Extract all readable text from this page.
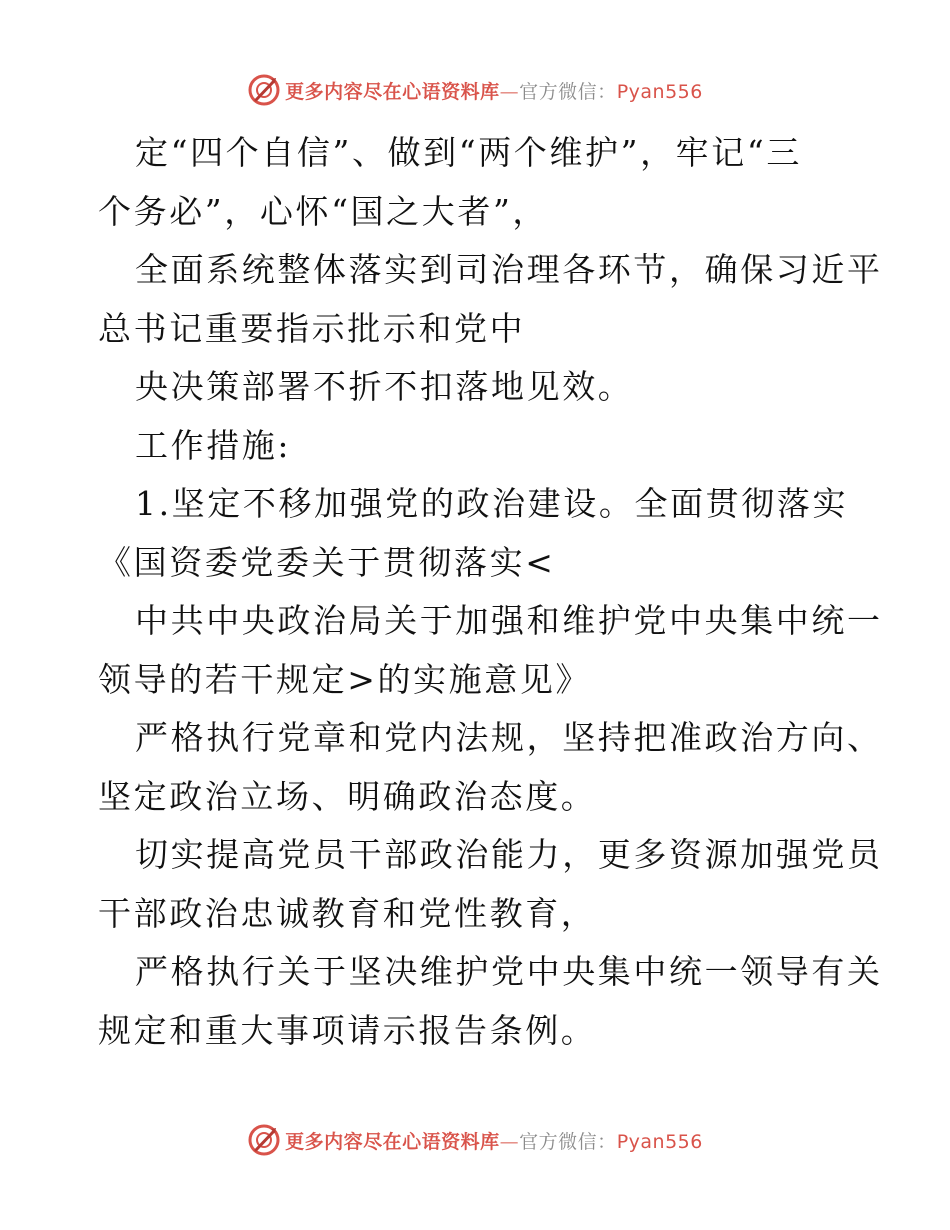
更多内容尽在心语资料库—官方微信：Pyan556

定“四个自信”、做到“两个维护”，牢记“三

个务必”，心怀“国之大者”，

全面系统整体落实到司治理各环节，确保习近平

总书记重要指示批示和党中

央决策部署不折不扣落地见效。

工作措施:

1.坚定不移加强党的政治建设。全面贯彻落实

《国资委党委关于贯彻落实<

中共中央政治局关于加强和维护党中央集中统一

领导的若干规定>的实施意见》

严格执行党章和党内法规，坚持把准政治方向、

坚定政治立场、明确政治态度。

切实提高党员干部政治能力，更多资源加强党员

干部政治忠诚教育和党性教育，

严格执行关于坚决维护党中央集中统一领导有关

规定和重大事项请示报告条例。

更多内容尽在心语资料库—官方微信：Pyan556
